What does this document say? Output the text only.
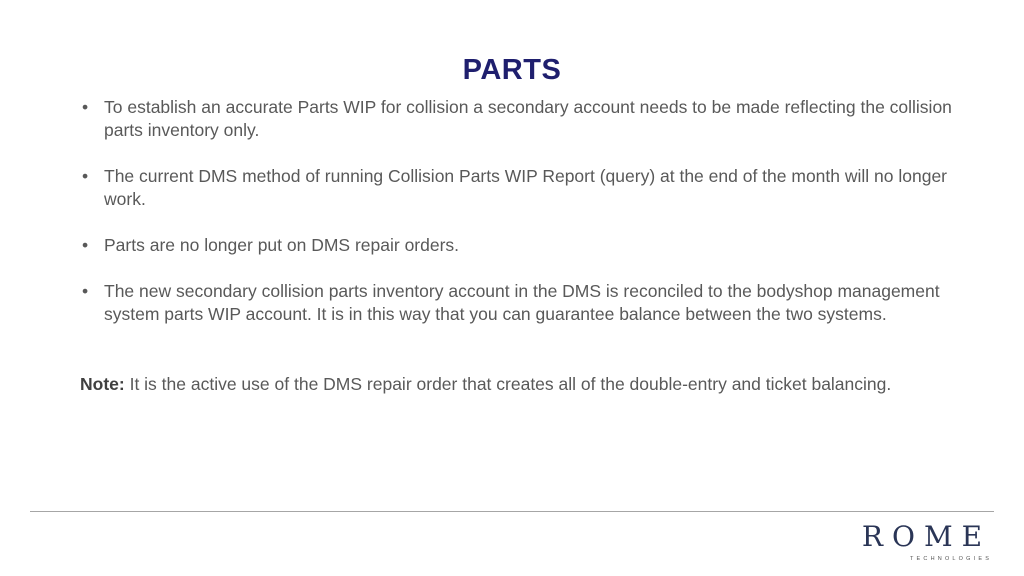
PARTS
• To establish an accurate Parts WIP for collision a secondary account needs to be made reflecting the collision parts inventory only.
• The current DMS method of running Collision Parts WIP Report (query) at the end of the month will no longer work.
• Parts are no longer put on DMS repair orders.
• The new secondary collision parts inventory account in the DMS is reconciled to the bodyshop management system parts WIP account. It is in this way that you can guarantee balance between the two systems.

Note: It is the active use of the DMS repair order that creates all of the double-entry and ticket balancing.

ROME
TECHNOLOGIES
